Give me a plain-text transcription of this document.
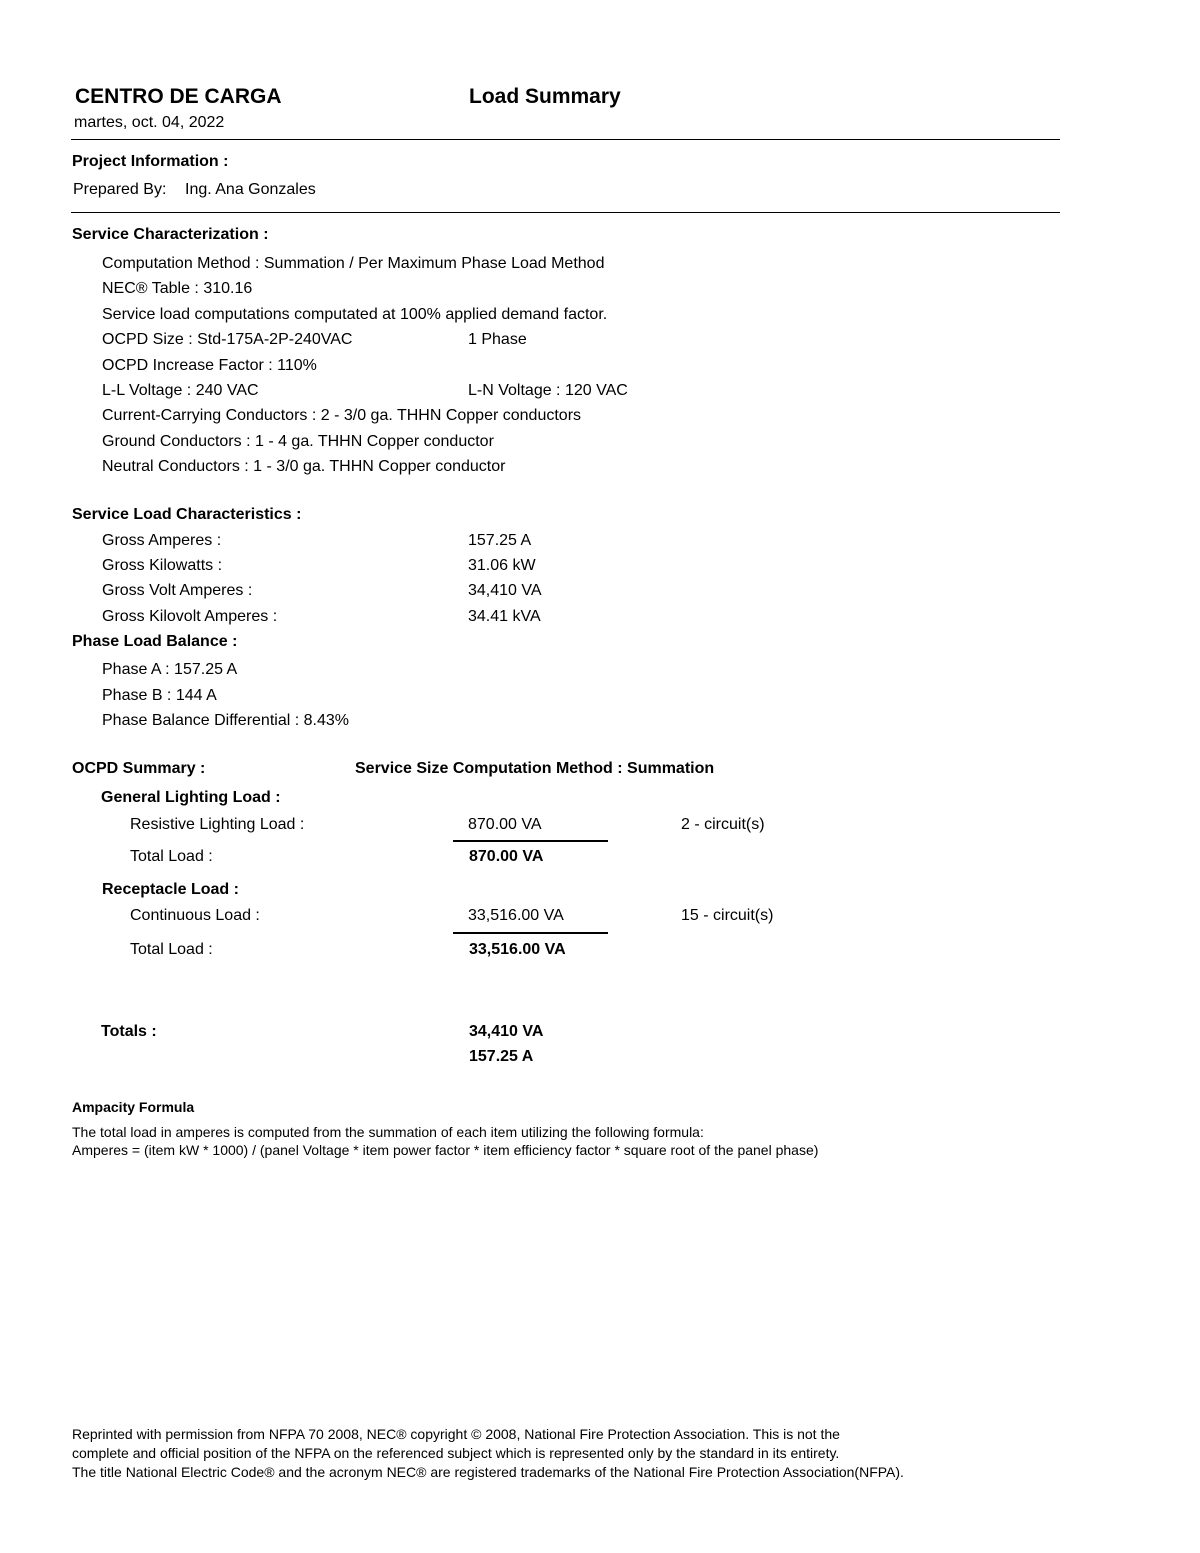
CENTRO DE CARGA	Load Summary
martes, oct. 04, 2022
Project Information :
Prepared By: Ing. Ana Gonzales
Service Characterization :
Computation Method : Summation / Per Maximum Phase Load Method
NEC® Table : 310.16
Service load computations computated at 100% applied demand factor.
OCPD Size : Std-175A-2P-240VAC	1 Phase
OCPD Increase Factor : 110%
L-L Voltage : 240 VAC	L-N Voltage : 120 VAC
Current-Carrying Conductors : 2 - 3/0 ga. THHN Copper conductors
Ground Conductors : 1 - 4 ga. THHN Copper conductor
Neutral Conductors : 1 - 3/0 ga. THHN Copper conductor
Service Load Characteristics :
Gross Amperes :	157.25 A
Gross Kilowatts :	31.06 kW
Gross Volt Amperes :	34,410 VA
Gross Kilovolt Amperes :	34.41 kVA
Phase Load Balance :
Phase A : 157.25 A
Phase B : 144 A
Phase Balance Differential : 8.43%
OCPD Summary :	Service Size Computation Method : Summation
General Lighting Load :
Resistive Lighting Load :	870.00 VA	2 - circuit(s)
Total Load :	870.00 VA
Receptacle Load :
Continuous Load :	33,516.00 VA	15 - circuit(s)
Total Load :	33,516.00 VA
Totals :	34,410 VA
157.25 A
Ampacity Formula
The total load in amperes is computed from the summation of each item utilizing the following formula:
Amperes = (item kW * 1000) / (panel Voltage * item power factor * item efficiency factor * square root of the panel phase)
Reprinted with permission from NFPA 70 2008, NEC® copyright © 2008, National Fire Protection Association. This is not the
complete and official position of the NFPA on the referenced subject which is represented only by the standard in its entirety.
The title National Electric Code® and the acronym NEC® are registered trademarks of the National Fire Protection Association(NFPA).
